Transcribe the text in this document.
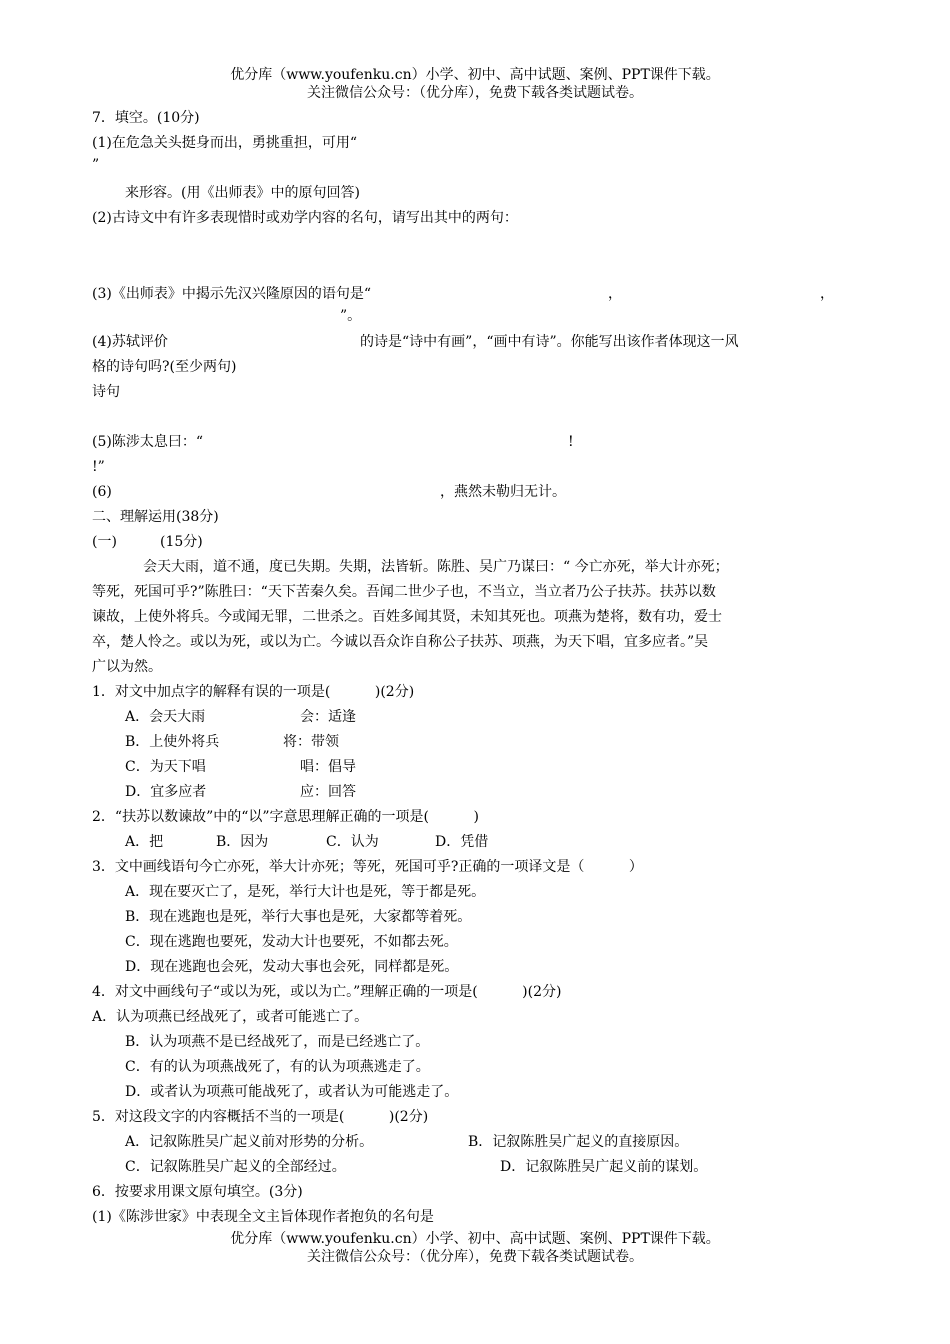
优分库（www.youfenku.cn）小学、初中、高中试题、案例、PPT课件下载。
关注微信公众号：（优分库），免费下载各类试题试卷。
7．填空。(10分)
(1)在危急关头挺身而出，勇挑重担，可用“
”
来形容。(用《出师表》中的原句回答)
(2)古诗文中有许多表现惜时或劝学内容的名句，请写出其中的两句：
(3)《出师表》中揭示先汉兴隆原因的语句是“	，	，
”。
(4)苏轼评价	的诗是“诗中有画”，“画中有诗”。你能写出该作者体现这一风
格的诗句吗?(至少两句)
诗句
(5)陈涉太息曰：“	!
!”
(6)	，燕然未勒归无计。
二、理解运用(38分)
(一)	(15分)
会天大雨，道不通，度已失期。失期，法皆斩。陈胜、吴广乃谋曰：“ 今亡亦死，举大计亦死；
等死，死国可乎?”陈胜曰：“天下苦秦久矣。吾闻二世少子也，不当立，当立者乃公子扶苏。扶苏以数
谏故，上使外将兵。今或闻无罪，二世杀之。百姓多闻其贤，未知其死也。项燕为楚将，数有功，爱士
卒，楚人怜之。或以为死，或以为亡。今诚以吾众诈自称公子扶苏、项燕，为天下唱，宜多应者。”吴
广以为然。
1．对文中加点字的解释有误的一项是(          )(2分)
A．会天大雨	会：适逢
B．上使外将兵	将：带领
C．为天下唱	唱：倡导
D．宜多应者	应：回答
2．“扶苏以数谏故”中的“以”字意思理解正确的一项是(          )
A．把	B．因为	C．认为	D．凭借
3．文中画线语句今亡亦死，举大计亦死；等死，死国可乎?正确的一项译文是（          ）
A．现在要灭亡了，是死，举行大计也是死，等于都是死。
B．现在逃跑也是死，举行大事也是死，大家都等着死。
C．现在逃跑也要死，发动大计也要死，不如都去死。
D．现在逃跑也会死，发动大事也会死，同样都是死。
4．对文中画线句子“或以为死，或以为亡。”理解正确的一项是(          )(2分)
A．认为项燕已经战死了，或者可能逃亡了。
B．认为项燕不是已经战死了，而是已经逃亡了。
C．有的认为项燕战死了，有的认为项燕逃走了。
D．或者认为项燕可能战死了，或者认为可能逃走了。
5．对这段文字的内容概括不当的一项是(          )(2分)
A．记叙陈胜吴广起义前对形势的分析。	B．记叙陈胜吴广起义的直接原因。
C．记叙陈胜吴广起义的全部经过。	D．记叙陈胜吴广起义前的谋划。
6．按要求用课文原句填空。(3分)
(1)《陈涉世家》中表现全文主旨体现作者抱负的名句是
优分库（www.youfenku.cn）小学、初中、高中试题、案例、PPT课件下载。
关注微信公众号：（优分库），免费下载各类试题试卷。
